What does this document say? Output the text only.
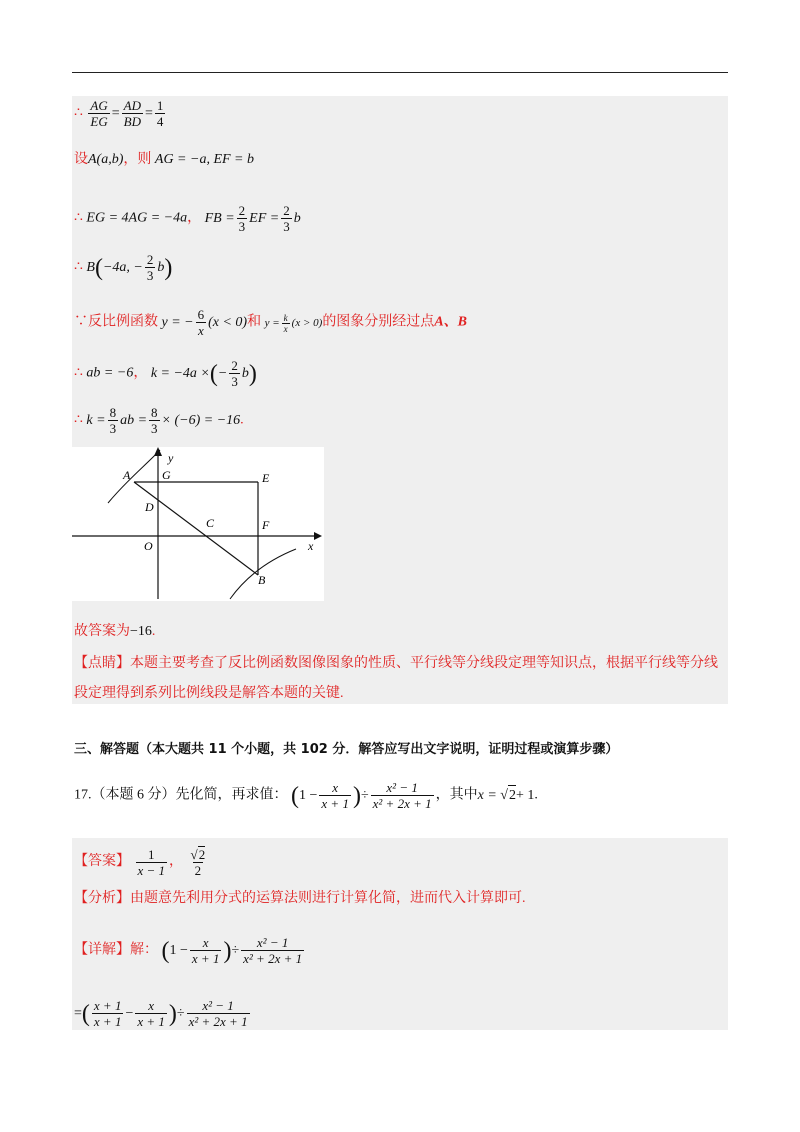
∴ $\frac{AG}{EG} = \frac{AD}{BD} = \frac{1}{4}$
设A(a,b)，则 AG = −a, EF = b
∴ EG = 4AG = −4a， FB = $\frac{2}{3}$ EF = $\frac{2}{3}$ b
∴ B(−4a, − $\frac{2}{3} b$)
∵反比例函数 y = − $\frac{6}{x} (x < 0)$和 $y = \frac{k}{x} (x > 0)$的图象分别经过点A、B
∴ ab = −6， k = −4a ×(− $\frac{2}{3} b$)
∴ $k = \frac{8}{3}$ ab = $\frac{8}{3} \times (-6) = -16$.
A	G	E
D
C	F
O
B
x
y
故答案为−16.
【点睛】本题主要考查了反比例函数图像图象的性质、平行线等分线段定理等知识点，根据平行线等分线
段定理得到系列比例线段是解答本题的关键.
三、解答题（本大题共 11 个小题，共 102 分．解答应写出文字说明，证明过程或演算步骤）
17.（本题 6 分）先化简，再求值： ($1 - \frac{x}{x + 1}$ )÷ $\frac{\text{x² − 1}}{\text{x² + 2x + 1}}$ ，其中x = √2+ 1.
【答案】 $\frac{1}{x - 1}$ ， $\frac{√2}{2}$
【分析】由题意先利用分式的运算法则进行计算化简，进而代入计算即可.
【详解】解： ($1 - \frac{x}{x + 1}$ )÷ $\frac{\text{x² − 1}}{\text{x² + 2x + 1}}$
=( $\frac{x + 1}{x + 1} - \frac{x}{x + 1}$ )÷ $\frac{\text{x² − 1}}{\text{x² + 2x + 1}}$
